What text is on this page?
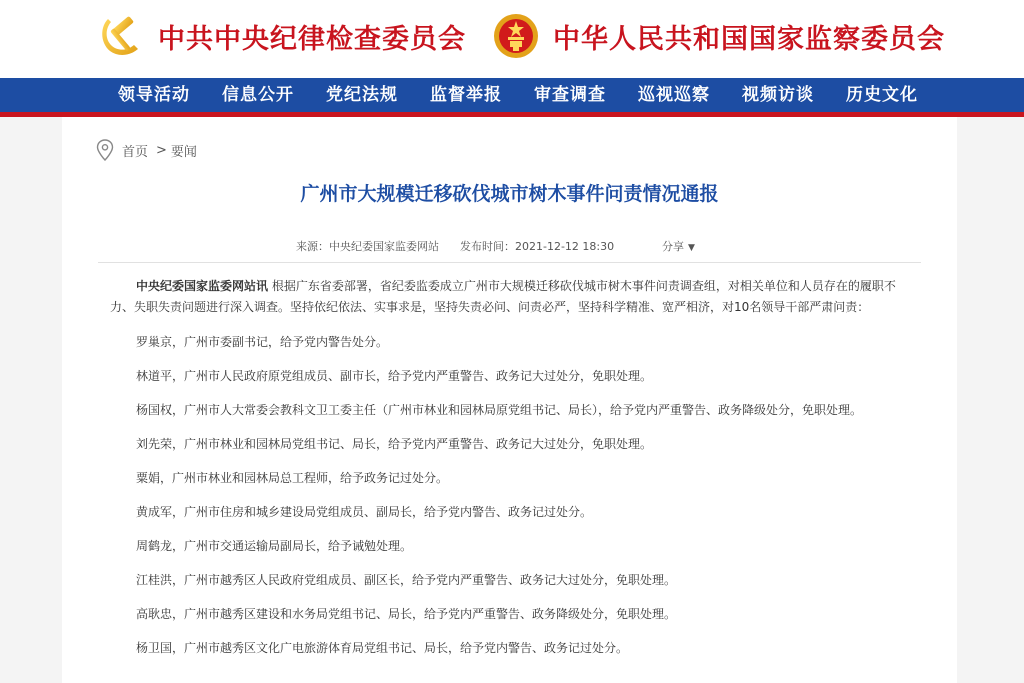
中共中央纪律检查委员会	中华人民共和国国家监察委员会
领导活动	信息公开	党纪法规	监督举报	审查调查	巡视巡察	视频访谈	历史文化
首页 > 要闻
广州市大规模迁移砍伐城市树木事件问责情况通报
来源：中央纪委国家监委网站 发布时间：2021-12-12 18:30	分享 ▼

中央纪委国家监委网站讯 根据广东省委部署，省纪委监委成立广州市大规模迁移砍伐城市树木事件问责调查组，对相关单位和人员存在的履职不力、失职失责问题进行深入调查。坚持依纪依法、实事求是，坚持失责必问、问责必严，坚持科学精准、宽严相济，对10名领导干部严肃问责：

罗巢京，广州市委副书记，给予党内警告处分。

林道平，广州市人民政府原党组成员、副市长，给予党内严重警告、政务记大过处分，免职处理。

杨国权，广州市人大常委会教科文卫工委主任（广州市林业和园林局原党组书记、局长），给予党内严重警告、政务降级处分，免职处理。

刘先荣，广州市林业和园林局党组书记、局长，给予党内严重警告、政务记大过处分，免职处理。

粟娟，广州市林业和园林局总工程师，给予政务记过处分。

黄成军，广州市住房和城乡建设局党组成员、副局长，给予党内警告、政务记过处分。

周鹤龙，广州市交通运输局副局长，给予诫勉处理。

江桂洪，广州市越秀区人民政府党组成员、副区长，给予党内严重警告、政务记大过处分，免职处理。

高耿忠，广州市越秀区建设和水务局党组书记、局长，给予党内严重警告、政务降级处分，免职处理。

杨卫国，广州市越秀区文化广电旅游体育局党组书记、局长，给予党内警告、政务记过处分。
